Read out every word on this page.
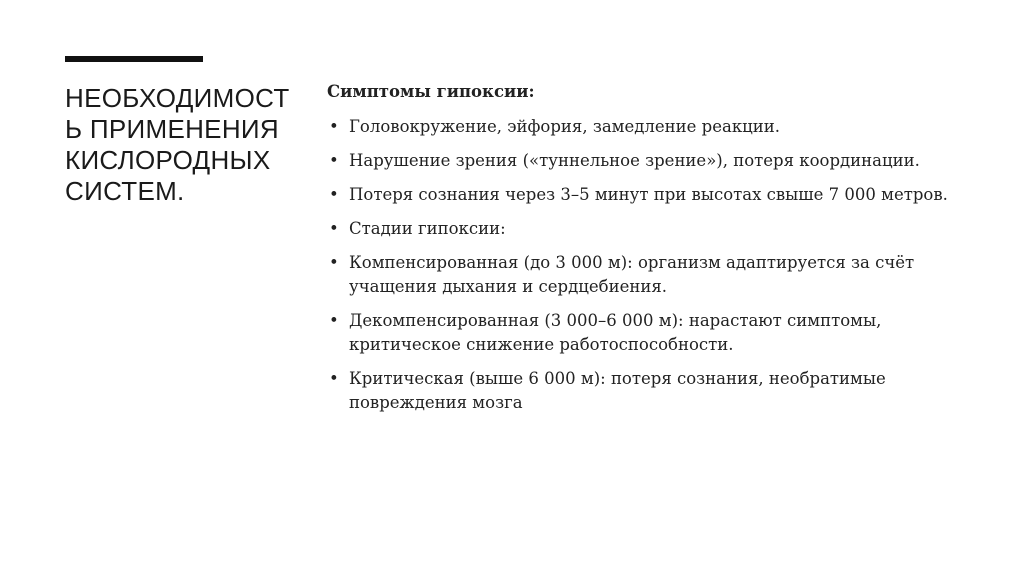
НЕОБХОДИМОСТЬ ПРИМЕНЕНИЯ КИСЛОРОДНЫХ СИСТЕМ.

Симптомы гипоксии:

• Головокружение, эйфория, замедление реакции.
• Нарушение зрения («туннельное зрение»), потеря координации.
• Потеря сознания через 3–5 минут при высотах свыше 7 000 метров.
• Стадии гипоксии:
• Компенсированная (до 3 000 м): организм адаптируется за счёт учащения дыхания и сердцебиения.
• Декомпенсированная (3 000–6 000 м): нарастают симптомы, критическое снижение работоспособности.
• Критическая (выше 6 000 м): потеря сознания, необратимые повреждения мозга
